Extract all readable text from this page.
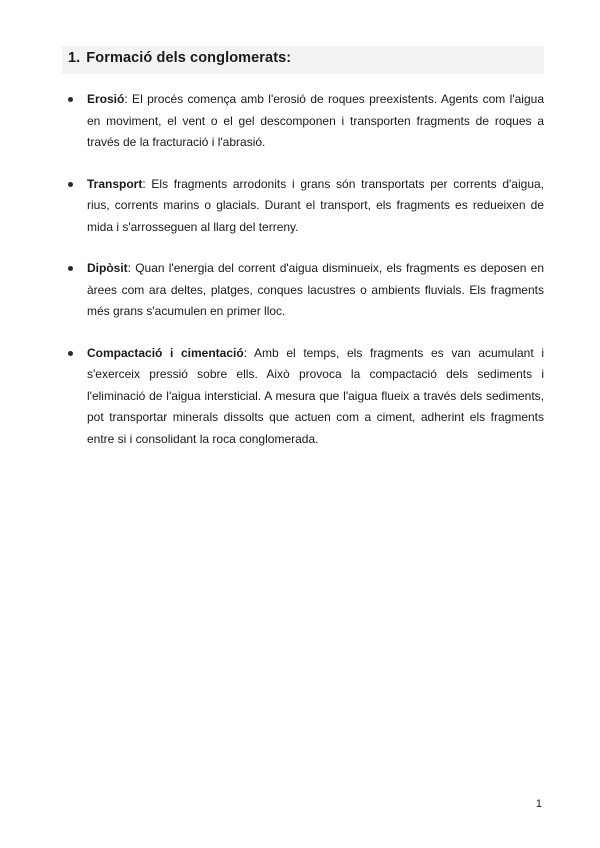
1. Formació dels conglomerats:
Erosió: El procés comença amb l'erosió de roques preexistents. Agents com l'aigua en moviment, el vent o el gel descomponen i transporten fragments de roques a través de la fracturació i l'abrasió.
Transport: Els fragments arrodonits i grans són transportats per corrents d'aigua, rius, corrents marins o glacials. Durant el transport, els fragments es redueixen de mida i s'arrosseguen al llarg del terreny.
Dipòsit: Quan l'energia del corrent d'aigua disminueix, els fragments es deposen en àrees com ara deltes, platges, conques lacustres o ambients fluvials. Els fragments més grans s'acumulen en primer lloc.
Compactació i cimentació: Amb el temps, els fragments es van acumulant i s'exerceix pressió sobre ells. Això provoca la compactació dels sediments i l'eliminació de l'aigua intersticial. A mesura que l'aigua flueix a través dels sediments, pot transportar minerals dissolts que actuen com a ciment, adherint els fragments entre si i consolidant la roca conglomerada.
1
